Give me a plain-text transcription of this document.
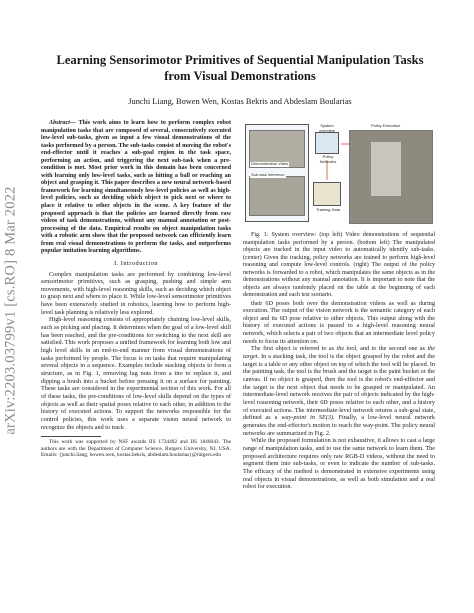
arXiv:2203.03799v1 [cs.RO] 8 Mar 2022
Learning Sensorimotor Primitives of Sequential Manipulation Tasks
from Visual Demonstrations
Junchi Liang, Bowen Wen, Kostas Bekris and Abdeslam Boularias

Abstract— This work aims to learn how to perform complex robot manipulation tasks that are composed of several, consecutively executed low-level sub-tasks, given as input a few visual demonstrations of the tasks performed by a person. The sub-tasks consist of moving the robot's end-effector until it reaches a sub-goal region in the task space, performing an action, and triggering the next sub-task when a pre-condition is met. Most prior work in this domain has been concerned with learning only low-level tasks, such as hitting a ball or reaching an object and grasping it. This paper describes a new neural network-based framework for learning simultaneously low-level policies as well as high-level policies, such as deciding which object to pick next or where to place it relative to other objects in the scene. A key feature of the proposed approach is that the policies are learned directly from raw videos of task demonstrations, without any manual annotation or post-processing of the data. Empirical results on object manipulation tasks with a robotic arm show that the proposed network can efficiently learn from real visual demonstrations to perform the tasks, and outperforms popular imitation learning algorithms.

I. Introduction

Complex manipulation tasks are performed by combining low-level sensorimotor primitives, such as grasping, pushing and simple arm movements, with high-level reasoning skills, such as deciding which object to grasp next and where to place it. While low-level sensorimotor primitives have been extensively studied in robotics, learning how to perform high-level task planning is relatively less explored.

High-level reasoning consists of appropriately chaining low-level skills, such as picking and placing. It determines when the goal of a low-level skill has been reached, and the pre-conditions for switching to the next skill are satisfied. This work proposes a unified framework for learning both low and high level skills in an end-to-end manner from visual demonstrations of tasks performed by people. The focus is on tasks that require manipulating several objects in a sequence. Examples include stacking objects to form a structure, as in Fig. 1, removing lug nuts from a tire to replace it, and dipping a brush into a bucket before pressing it on a surface for painting. These tasks are considered in the experimental section of this work. For all of these tasks, the pre-conditions of low-level skills depend on the types of objects as well as their spatial poses relative to each other, in addition to the history of executed actions. To support the networks responsible for the control policies, this work uses a separate vision neural network to recognize the objects and to track

This work was supported by NSF awards IIS 1734492 and IIS 1846043. The authors are with the Department of Computer Science, Rutgers University, NJ, USA. Emails: {junchi.liang, bowen.wen, kostas.bekris, abdeslam.boularias}@rutgers.edu

Demonstration Video
Sub-task Inference
System overview
Policy Networks
Training Data
Policy Execution

Fig. 1: System overview: (top left) Video demonstrations of sequential manipulation tasks performed by a person. (bottom left) The manipulated objects are tracked in the input video to automatically identify sub-tasks. (center) Given the tracking, policy networks are trained to perform high-level reasoning and compute low-level controls. (right) The output of the policy networks is forwarded to a robot, which manipulates the same objects as in the demonstrations without any manual annotation. It is important to note that the objects are always randomly placed on the table at the beginning of each demonstration and each test scenario.

their 6D poses both over the demonstration videos as well as during execution. The output of the vision network is the semantic category of each object and its 6D pose relative to other objects. This output along with the history of executed actions is passed to a high-level reasoning neural network, which selects a pair of two objects that an intermediate level policy needs to focus its attention on.

The first object is referred to as the tool, and to the second one as the target. In a stacking task, the tool is the object grasped by the robot and the target is a table or any other object on top of which the tool will be placed. In the painting task, the tool is the brush and the target is the paint bucket or the canvas. If no object is grasped, then the tool is the robot's end-effector and the target is the next object that needs to be grasped or manipulated. An intermediate-level network receives the pair of objects indicated by the high-level reasoning network, their 6D poses relative to each other, and a history of executed actions. The intermediate-level network returns a sub-goal state, defined as a way-point in SE(3). Finally, a low-level neural network generates the end-effector's motion to reach the way-point. The policy neural networks are summarized in Fig. 2.

While the proposed formulation is not exhaustive, it allows to cast a large range of manipulation tasks, and to use the same network to learn them. The proposed architecture requires only raw RGB-D videos, without the need to segment them into sub-tasks, or even to indicate the number of sub-tasks. The efficacy of the method is demonstrated in extensive experiments using real objects in visual demonstrations, as well as both simulation and a real robot for execution.
